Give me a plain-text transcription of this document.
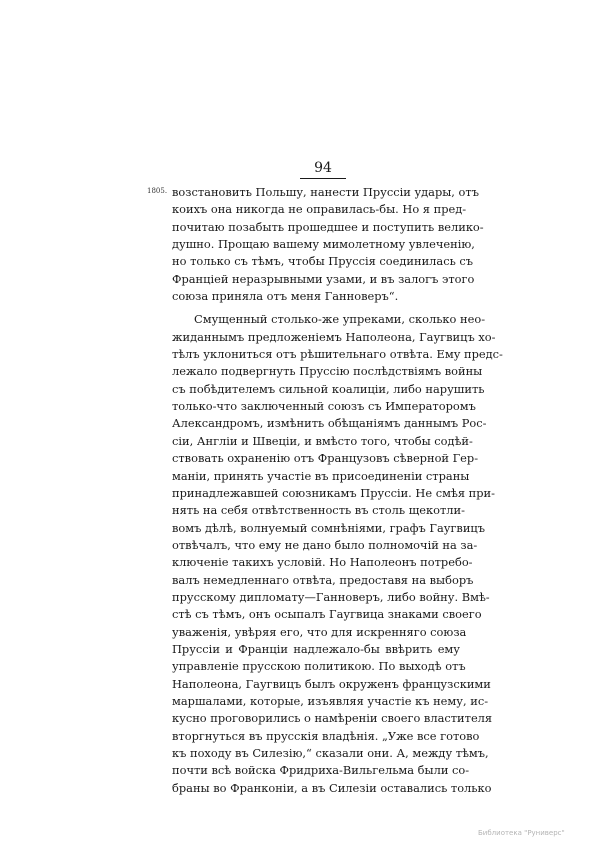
94
1805. возстановить Польшу, нанести Пруссіи удары, отъ
коихъ она никогда не оправилась-бы. Но я пред-
почитаю позабыть прошедшее и поступить велико-
душно. Прощаю вашему мимолетному увлеченію,
но только съ тѣмъ, чтобы Пруссія соединилась съ
Франціей неразрывными узами, и въ залогъ этого
союза приняла отъ меня Ганноверъ“.
Смущенный столько-же упреками, сколько нео-
жиданнымъ предложеніемъ Наполеона, Гаугвицъ хо-
тѣлъ уклониться отъ рѣшительнаго отвѣта. Ему предс-
лежало подвергнуть Пруссію послѣдствіямъ войны
съ побѣдителемъ сильной коалиціи, либо нарушить
только-что заключенный союзъ съ Императоромъ
Александромъ, измѣнить обѣщаніямъ даннымъ Рос-
сіи, Англіи и Швеціи, и вмѣсто того, чтобы содѣй-
ствовать охраненію отъ Французовъ сѣверной Гер-
маніи, принять участіе въ присоединеніи страны
принадлежавшей союзникамъ Пруссіи. Не смѣя при-
нять на себя отвѣтственность въ столь щекотли-
вомъ дѣлѣ, волнуемый сомнѣніями, графъ Гаугвицъ
отвѣчалъ, что ему не дано было полномочій на за-
ключеніе такихъ условій. Но Наполеонъ потребо-
валъ немедленнаго отвѣта, предоставя на выборъ
прусскому дипломату—Ганноверъ, либо войну. Вмѣ-
стѣ съ тѣмъ, онъ осыпалъ Гаугвица знаками своего
уваженія, увѣряя его, что для искренняго союза
Пруссіи и Франціи надлежало-бы ввѣрить ему
управленіе прусскою политикою. По выходѣ отъ
Наполеона, Гаугвицъ былъ окруженъ французскими
маршалами, которые, изъявляя участіе къ нему, ис-
кусно проговорились о намѣреніи своего властителя
вторгнуться въ прусскія владѣнія. „Уже все готово
къ походу въ Силезію,“ сказали они. А, между тѣмъ,
почти всѣ войска Фридриха-Вильгельма были со-
браны во Франконіи, а въ Силезіи оставались только
Библиотека "Руниверс"
